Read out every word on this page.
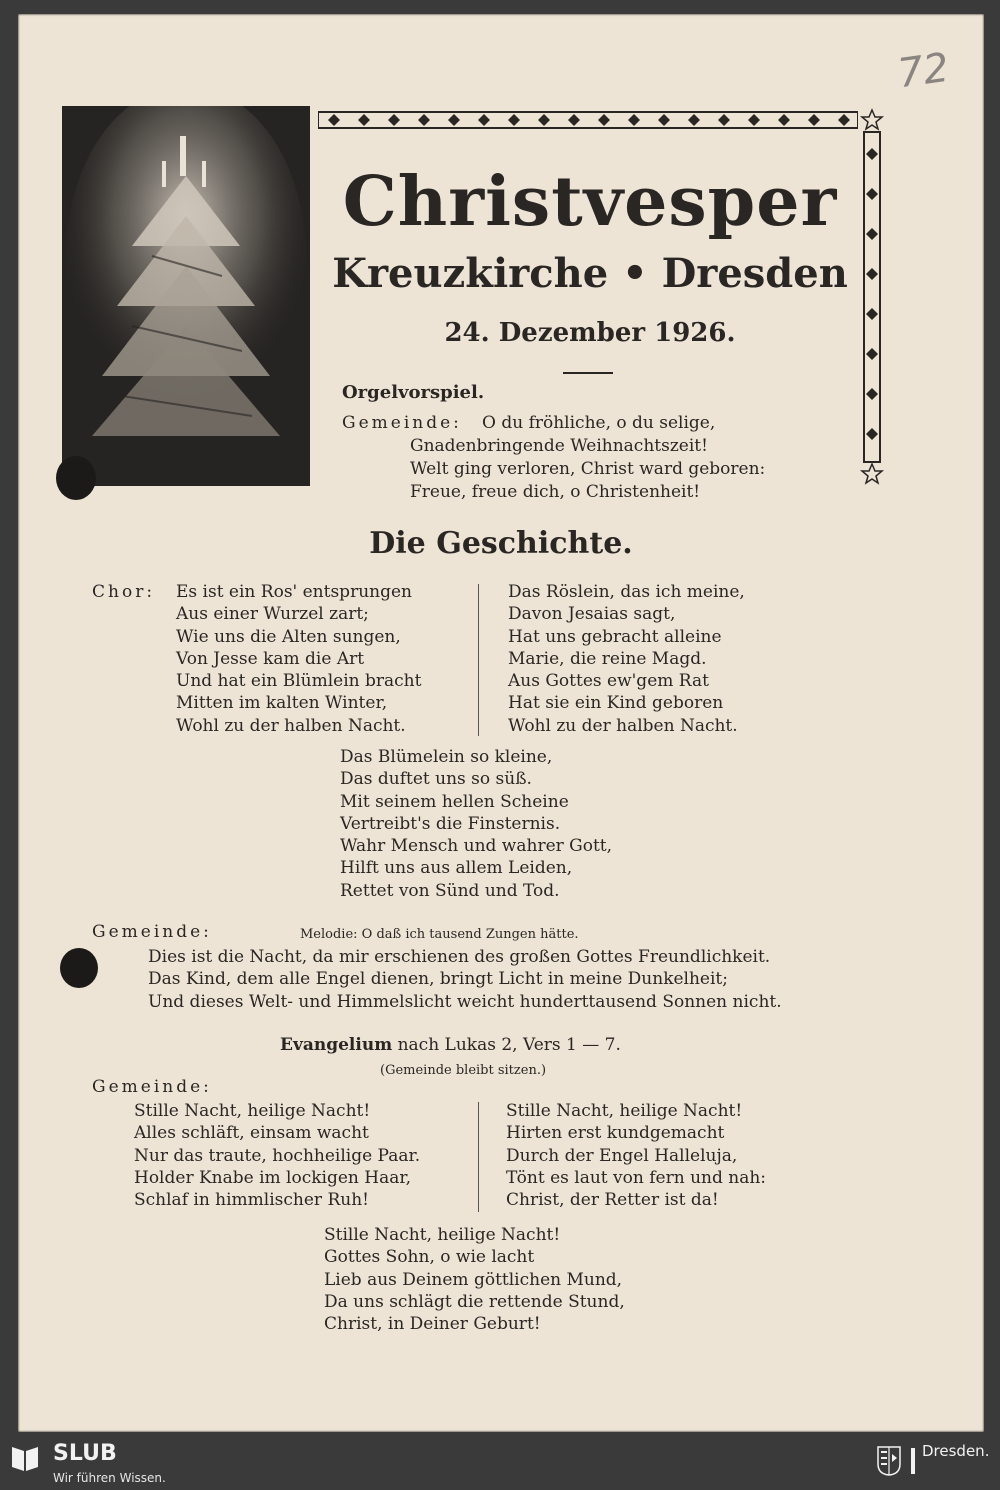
72
Christvesper
Kreuzkirche • Dresden
24. Dezember 1926.
Orgelvorspiel.
Gemeinde: O du fröhliche, o du selige,
Gnadenbringende Weihnachtszeit!
Welt ging verloren, Christ ward geboren:
Freue, freue dich, o Christenheit!
Die Geschichte.
Chor: Es ist ein Ros' entsprungen
Aus einer Wurzel zart;
Wie uns die Alten sungen,
Von Jesse kam die Art
Und hat ein Blümlein bracht
Mitten im kalten Winter,
Wohl zu der halben Nacht.
Das Röslein, das ich meine,
Davon Jesaias sagt,
Hat uns gebracht alleine
Marie, die reine Magd.
Aus Gottes ew'gem Rat
Hat sie ein Kind geboren
Wohl zu der halben Nacht.
Das Blümelein so kleine,
Das duftet uns so süß.
Mit seinem hellen Scheine
Vertreibt's die Finsternis.
Wahr Mensch und wahrer Gott,
Hilft uns aus allem Leiden,
Rettet von Sünd und Tod.
Gemeinde:	Melodie: O daß ich tausend Zungen hätte.
Dies ist die Nacht, da mir erschienen des großen Gottes Freundlichkeit.
Das Kind, dem alle Engel dienen, bringt Licht in meine Dunkelheit;
Und dieses Welt- und Himmelslicht weicht hunderttausend Sonnen nicht.
Evangelium nach Lukas 2, Vers 1 — 7.
(Gemeinde bleibt sitzen.)
Gemeinde:
Stille Nacht, heilige Nacht!
Alles schläft, einsam wacht
Nur das traute, hochheilige Paar.
Holder Knabe im lockigen Haar,
Schlaf in himmlischer Ruh!
Stille Nacht, heilige Nacht!
Hirten erst kundgemacht
Durch der Engel Halleluja,
Tönt es laut von fern und nah:
Christ, der Retter ist da!
Stille Nacht, heilige Nacht!
Gottes Sohn, o wie lacht
Lieb aus Deinem göttlichen Mund,
Da uns schlägt die rettende Stund,
Christ, in Deiner Geburt!
SLUB
Wir führen Wissen.
Dresden.
